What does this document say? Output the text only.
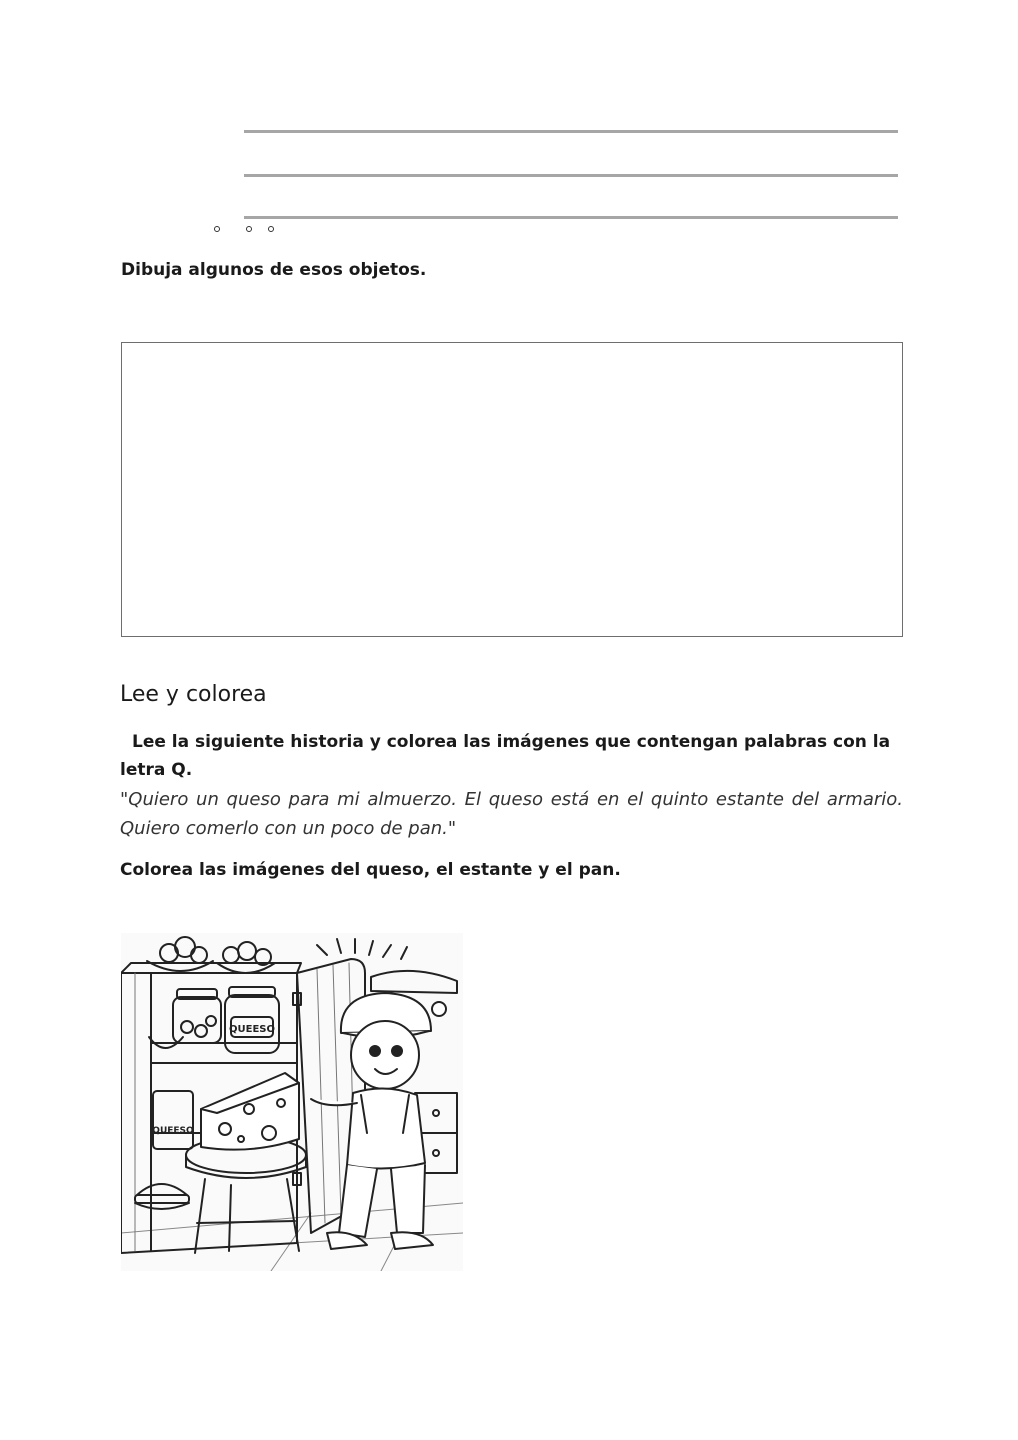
Dibuja algunos de esos objetos.
Lee y colorea
Lee la siguiente historia y colorea las imágenes que contengan palabras con la letra Q.
"Quiero un queso para mi almuerzo. El queso está en el quinto estante del armario. Quiero comerlo con un poco de pan."
Colorea las imágenes del queso, el estante y el pan.
QUEESO
QUEESO
